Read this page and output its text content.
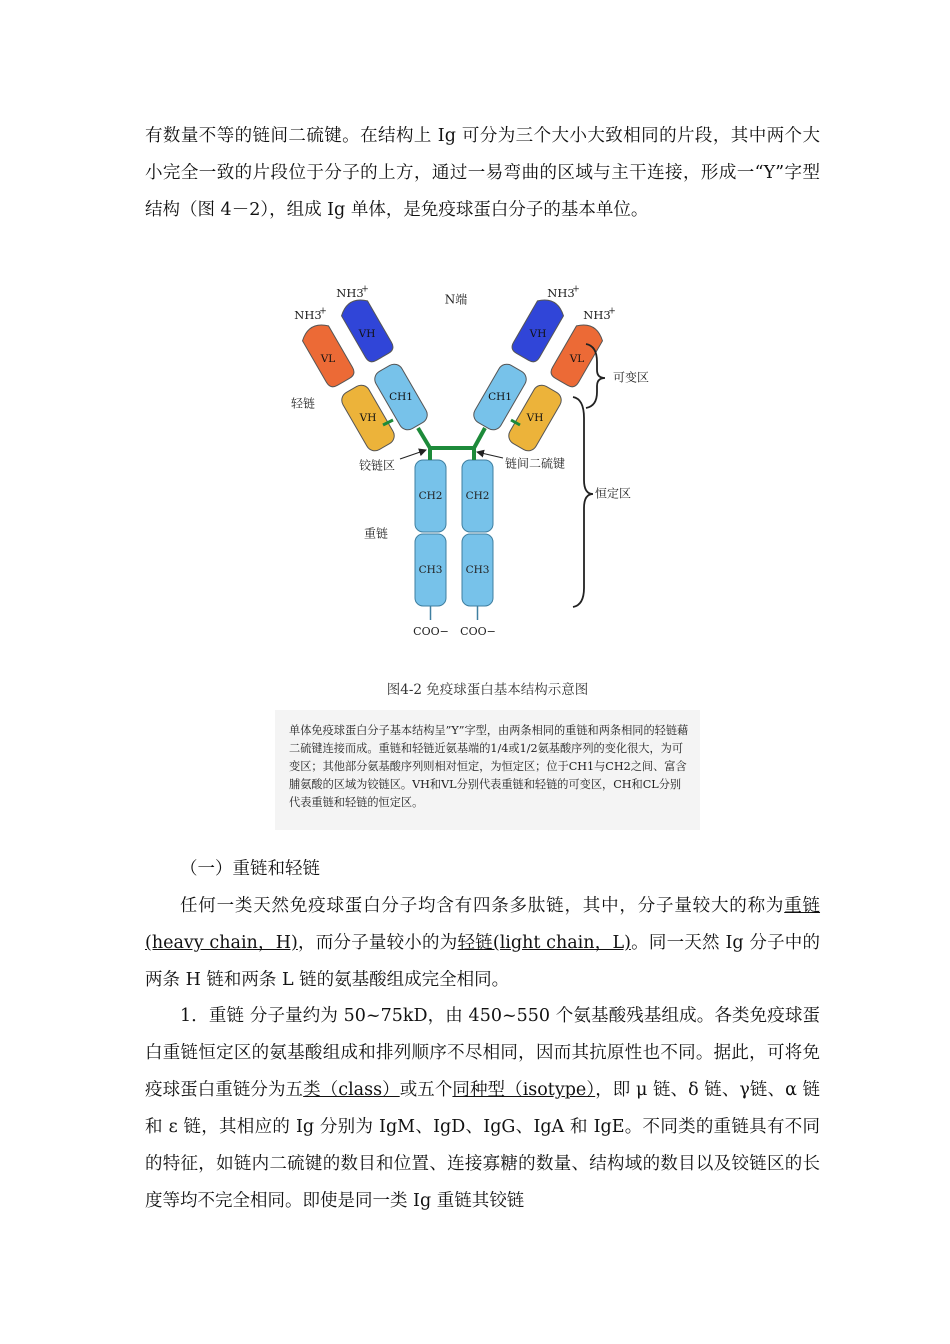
有数量不等的链间二硫键。在结构上 Ig 可分为三个大小大致相同的片段，其中两个大小完全一致的片段位于分子的上方，通过一易弯曲的区域与主干连接，形成一“Y”字型结构（图 4－2），组成 Ig 单体，是免疫球蛋白分子的基本单位。

CH2
CH3
COO−
CH2
CH3
COO−
VH
VL
CH1
VH
VH
VL
CH1
VH
N端
NH3
+
NH3
+
NH3
+
NH3
+
轻链
重链
铰链区	链间二硫键
可变区
恒定区
图4-2 免疫球蛋白基本结构示意图

单体免疫球蛋白分子基本结构呈”Y”字型，由两条相同的重链和两条相同的轻链藉二硫键连接而成。重链和轻链近氨基端的1/4或1/2氨基酸序列的变化很大，为可变区；其他部分氨基酸序列则相对恒定，为恒定区；位于CH1与CH2之间、富含脯氨酸的区域为铰链区。VH和VL分别代表重链和轻链的可变区，CH和CL分别代表重链和轻链的恒定区。

（一）重链和轻链

任何一类天然免疫球蛋白分子均含有四条多肽链，其中，分子量较大的称为重链(heavy chain，H)，而分子量较小的为轻链(light chain，L)。同一天然 Ig 分子中的两条 H 链和两条 L 链的氨基酸组成完全相同。

1．重链 分子量约为 50~75kD，由 450~550 个氨基酸残基组成。各类免疫球蛋白重链恒定区的氨基酸组成和排列顺序不尽相同，因而其抗原性也不同。据此，可将免疫球蛋白重链分为五类（class）或五个同种型（isotype），即 μ 链、δ 链、γ链、α 链和 ε 链，其相应的 Ig 分别为 IgM、IgD、IgG、IgA 和 IgE。不同类的重链具有不同的特征，如链内二硫键的数目和位置、连接寡糖的数量、结构域的数目以及铰链区的长度等均不完全相同。即使是同一类 Ig 重链其铰链
